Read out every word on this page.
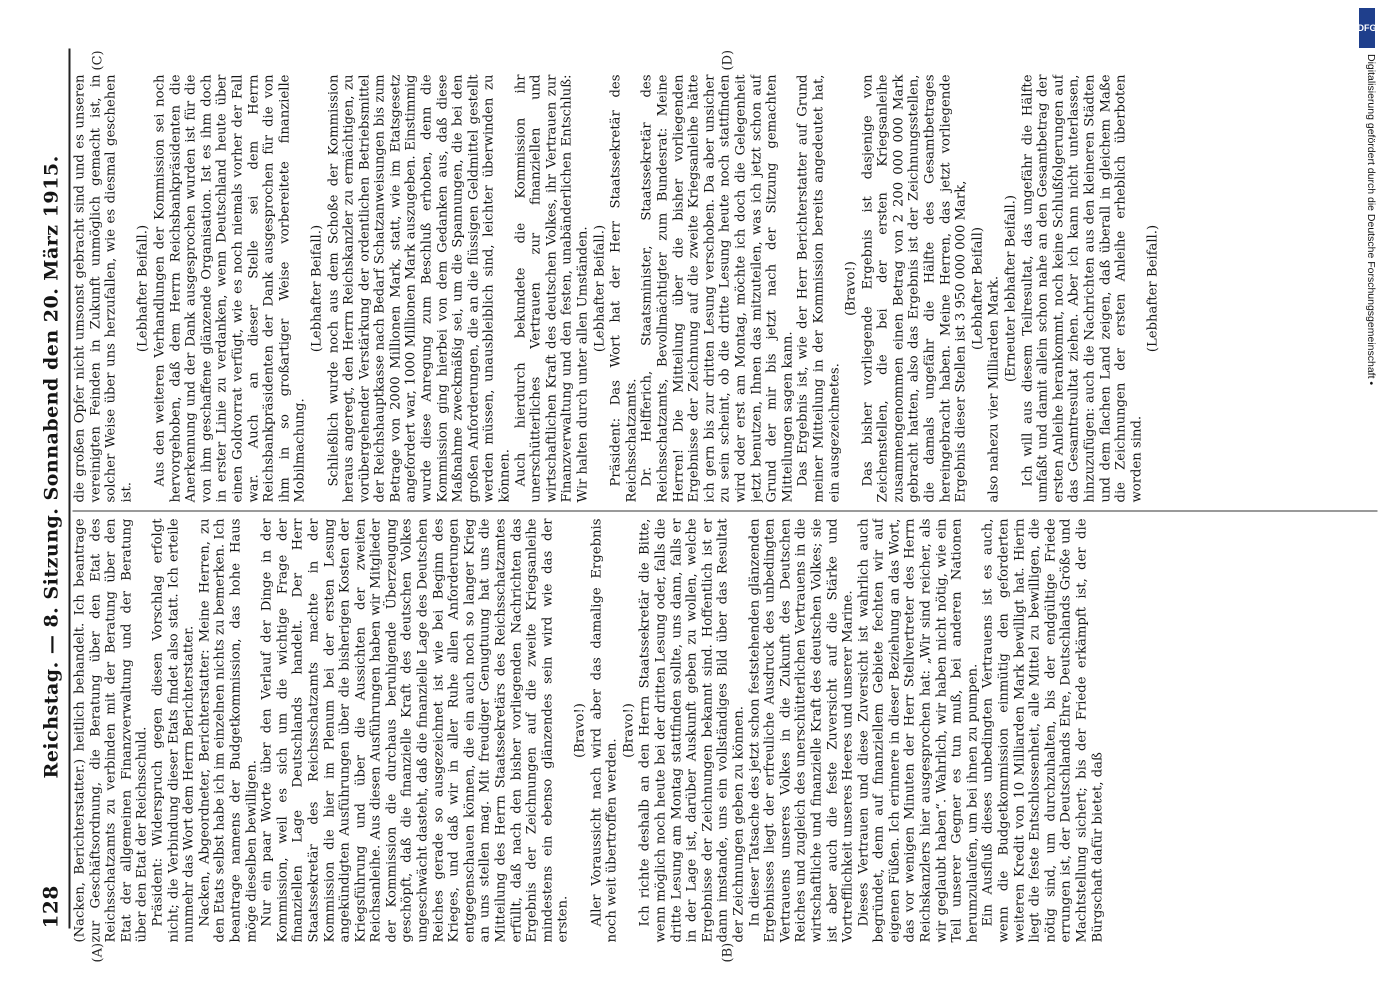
128
Reichstag. — 8. Sitzung. Sonnabend den 20. März 1915.
(A)	(B)
(C)	(D)

(Nacken, Berichterstatter.) heitlich behandelt. Ich beantrage zur Geschäftsordnung, die Beratung über den Etat des Reichsschatzamts zu verbinden mit der Beratung über den Etat der allgemeinen Finanzverwaltung und der Beratung über den Etat der Reichsschuld. Präsident: Widerspruch gegen diesen Vorschlag erfolgt nicht; die Verbindung dieser Etats findet also statt. Ich erteile nunmehr das Wort dem Herrn Berichterstatter. Nacken, Abgeordneter, Berichterstatter: Meine Herren, zu den Etats selbst habe ich im einzelnen nichts zu bemerken. Ich beantrage namens der Budgetkommission, das hohe Haus möge dieselben bewilligen. Nur ein paar Worte über den Verlauf der Dinge in der Kommission, weil es sich um die wichtige Frage der finanziellen Lage Deutschlands handelt. Der Herr Staatssekretär des Reichsschatzamts machte in der Kommission die hier im Plenum bei der ersten Lesung angekündigten Ausführungen über die bisherigen Kosten der Kriegsführung und über die Aussichten der zweiten Reichsanleihe. Aus diesen Ausführungen haben wir Mitglieder der Kommission die durchaus beruhigende Überzeugung geschöpft, daß die finanzielle Kraft des deutschen Volkes ungeschwächt dasteht, daß die finanzielle Lage des Deutschen Reiches gerade so ausgezeichnet ist wie bei Beginn des Krieges, und daß wir in aller Ruhe allen Anforderungen entgegenschauen können, die ein auch noch so langer Krieg an uns stellen mag. Mit freudiger Genugtuung hat uns die Mitteilung des Herrn Staatssekretärs des Reichsschatzamtes erfüllt, daß nach den bisher vorliegenden Nachrichten das Ergebnis der Zeichnungen auf die zweite Kriegsanleihe mindestens ein ebenso glänzendes sein wird wie das der ersten.

(Bravo!) Aller Voraussicht nach wird aber das damalige Ergebnis noch weit übertroffen werden.

(Bravo!) Ich richte deshalb an den Herrn Staatssekretär die Bitte, wenn möglich noch heute bei der dritten Lesung oder, falls die dritte Lesung am Montag stattfinden sollte, uns dann, falls er in der Lage ist, darüber Auskunft geben zu wollen, welche Ergebnisse der Zeichnungen bekannt sind. Hoffentlich ist er dann imstande, uns ein vollständiges Bild über das Resultat der Zeichnungen geben zu können. In dieser Tatsache des jetzt schon feststehenden glänzenden Ergebnisses liegt der erfreuliche Ausdruck des unbedingten Vertrauens unseres Volkes in die Zukunft des Deutschen Reiches und zugleich des unerschütterlichen Vertrauens in die wirtschaftliche und finanzielle Kraft des deutschen Volkes; sie ist aber auch die feste Zuversicht auf die Stärke und Vortrefflichkeit unseres Heeres und unserer Marine. Dieses Vertrauen und diese Zuversicht ist wahrlich auch begründet, denn auf finanziellem Gebiete fechten wir auf eigenen Füßen. Ich erinnere in dieser Beziehung an das Wort, das vor wenigen Minuten der Herr Stellvertreter des Herrn Reichskanzlers hier ausgesprochen hat: „Wir sind reicher, als wir geglaubt haben“. Wahrlich, wir haben nicht nötig, wie ein Teil unserer Gegner es tun muß, bei anderen Nationen herumzulaufen, um bei ihnen zu pumpen. Ein Ausfluß dieses unbedingten Vertrauens ist es auch, wenn die Budgetkommission einmütig den geforderten weiteren Kredit von 10 Milliarden Mark bewilligt hat. Hierin liegt die feste Entschlossenheit, alle Mittel zu bewilligen, die nötig sind, um durchzuhalten, bis der endgültige Friede errungen ist, der Deutschlands Ehre, Deutschlands Größe und Machtstellung sichert; bis der Friede erkämpft ist, der die Bürgschaft dafür bietet, daß

die großen Opfer nicht umsonst gebracht sind und es unseren vereinigten Feinden in Zukunft unmöglich gemacht ist, in solcher Weise über uns herzufallen, wie es diesmal geschehen ist.

(Lebhafter Beifall.) Aus den weiteren Verhandlungen der Kommission sei noch hervorgehoben, daß dem Herrn Reichsbankpräsidenten die Anerkennung und der Dank ausgesprochen wurden ist für die von ihm geschaffene glänzende Organisation. Ist es ihm doch in erster Linie zu verdanken, wenn Deutschland heute über einen Goldvorrat verfügt, wie es noch niemals vorher der Fall war. Auch an dieser Stelle sei dem Herrn Reichsbankpräsidenten der Dank ausgesprochen für die von ihm in so großartiger Weise vorbereitete finanzielle Mobilmachung.

(Lebhafter Beifall.) Schließlich wurde noch aus dem Schoße der Kommission heraus angeregt, den Herrn Reichskanzler zu ermächtigen, zu vorübergehender Verstärkung der ordentlichen Betriebsmittel der Reichshauptkasse nach Bedarf Schatzanweisungen bis zum Betrage von 2000 Millionen Mark, statt, wie im Etatsgesetz angefordert war, 1000 Millionen Mark auszugeben. Einstimmig wurde diese Anregung zum Beschluß erhoben, denn die Kommission ging hierbei von dem Gedanken aus, daß diese Maßnahme zweckmäßig sei, um die Spannungen, die bei den großen Anforderungen, die an die flüssigen Geldmittel gestellt werden müssen, unausbleiblich sind, leichter überwinden zu können. Auch hierdurch bekundete die Kommission ihr unerschütterliches Vertrauen zur finanziellen und wirtschaftlichen Kraft des deutschen Volkes, ihr Vertrauen zur Finanzverwaltung und den festen, unabänderlichen Entschluß: Wir halten durch unter allen Umständen. (Lebhafter Beifall.) Präsident: Das Wort hat der Herr Staatssekretär des Reichsschatzamts. Dr. Helfferich, Staatsminister, Staatssekretär des Reichsschatzamts, Bevollmächtigter zum Bundesrat: Meine Herren! Die Mitteilung über die bisher vorliegenden Ergebnisse der Zeichnung auf die zweite Kriegsanleihe hätte ich gern bis zur dritten Lesung verschoben. Da aber unsicher zu sein scheint, ob die dritte Lesung heute noch stattfinden wird oder erst am Montag, möchte ich doch die Gelegenheit jetzt benutzen, Ihnen das mitzuteilen, was ich jetzt schon auf Grund der mir bis jetzt nach der Sitzung gemachten Mitteilungen sagen kann. Das Ergebnis ist, wie der Herr Berichterstatter auf Grund meiner Mitteilung in der Kommission bereits angedeutet hat, ein ausgezeichnetes.

(Bravo!) Das bisher vorliegende Ergebnis ist dasjenige von Zeichenstellen, die bei der ersten Kriegsanleihe zusammengenommen einen Betrag von 2 200 000 000 Mark gebracht hatten, also das Ergebnis ist der Zeichnungsstellen, die damals ungefähr die Hälfte des Gesamtbetrages hereingebracht haben. Meine Herren, das jetzt vorliegende Ergebnis dieser Stellen ist 3 950 000 000 Mark, (Lebhafter Beifall) also nahezu vier Milliarden Mark. (Erneuter lebhafter Beifall.) Ich will aus diesem Teilresultat, das ungefähr die Hälfte umfaßt und damit allein schon nahe an den Gesamtbetrag der ersten Anleihe herankommt, noch keine Schlußfolgerungen auf das Gesamtresultat ziehen. Aber ich kann nicht unterlassen, hinzuzufügen: auch die Nachrichten aus den kleineren Städten und dem flachen Land zeigen, daß überall in gleichem Maße die Zeichnungen der ersten Anleihe erheblich überboten worden sind.

(Lebhafter Beifall.)

DFG
Digitalisierung gefördert durch die Deutsche Forschungsgemeinschaft •
